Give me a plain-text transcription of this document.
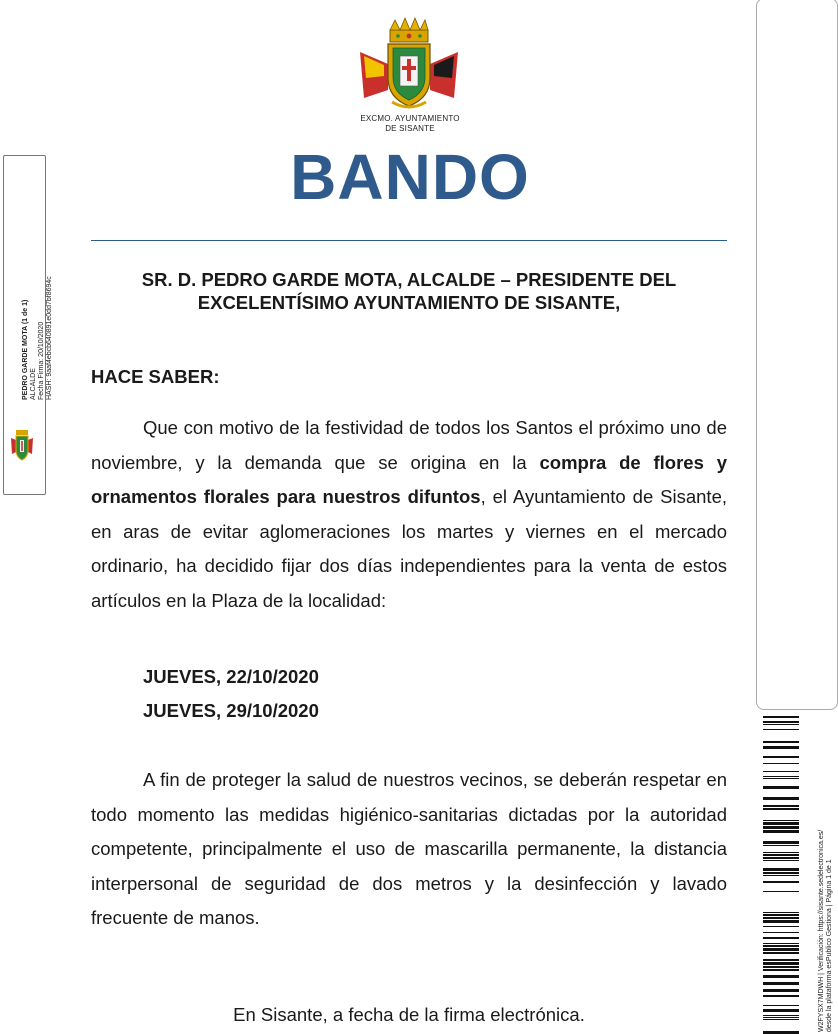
EXCMO. AYUNTAMIENTO
DE SISANTE
BANDO
SR. D. PEDRO GARDE MOTA, ALCALDE – PRESIDENTE DEL
EXCELENTÍSIMO AYUNTAMIENTO DE SISANTE,
HACE SABER:

Que con motivo de la festividad de todos los Santos el próximo uno de noviembre, y la demanda que se origina en la compra de flores y ornamentos florales para nuestros difuntos, el Ayuntamiento de Sisante, en aras de evitar aglomeraciones los martes y viernes en el mercado ordinario, ha decidido fijar dos días independientes para la venta de estos artículos en la Plaza de la localidad:

JUEVES, 22/10/2020
JUEVES, 29/10/2020

A fin de proteger la salud de nuestros vecinos, se deberán respetar en todo momento las medidas higiénico-sanitarias dictadas por la autoridad competente, principalmente el uso de mascarilla permanente, la distancia interpersonal de seguridad de dos metros y la desinfección y lavado frecuente de manos.

En Sisante, a fecha de la firma electrónica.
PEDRO GARDE MOTA (1 de 1) ALCALDE Fecha Firma: 20/10/2020 HASH: 9aaf4ebcb640891e0dd7bf8694c
W2FYSX7MDWH | Verificación: https://sisante.sedelectronica.es/ desde la plataforma esPublico Gestiona | Página 1 de 1
